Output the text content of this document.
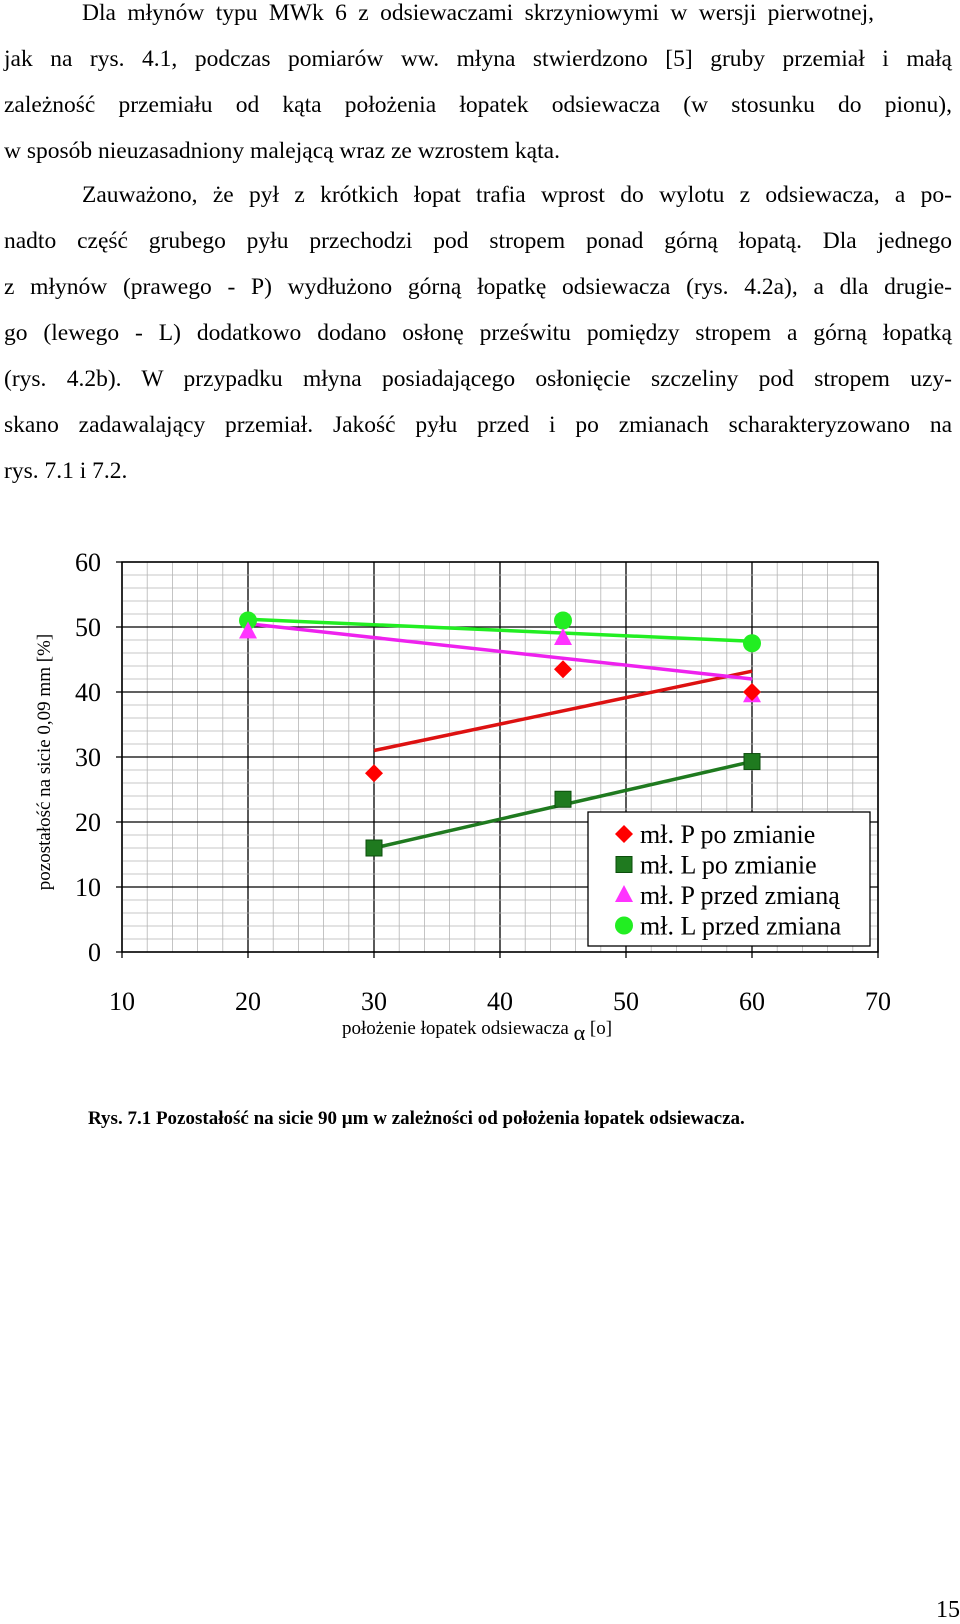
Dla młynów typu MWk 6 z odsiewaczami skrzyniowymi w wersji pierwotnej,
jak na rys. 4.1, podczas pomiarów ww. młyna stwierdzono [5] gruby przemiał i małą
zależność przemiału od kąta położenia łopatek odsiewacza (w stosunku do pionu),
w sposób nieuzasadniony malejącą wraz ze wzrostem kąta.
Zauważono, że pył z krótkich łopat trafia wprost do wylotu z odsiewacza, a po-
nadto część grubego pyłu przechodzi pod stropem ponad górną łopatą. Dla jednego
z młynów (prawego - P) wydłużono górną łopatkę odsiewacza (rys. 4.2a), a dla drugie-
go (lewego - L) dodatkowo dodano osłonę prześwitu pomiędzy stropem a górną łopatką
(rys. 4.2b). W przypadku młyna posiadającego osłonięcie szczeliny pod stropem uzy-
skano zadawalający przemiał. Jakość pyłu przed i po zmianach scharakteryzowano na
rys. 7.1 i 7.2.
10	20	30	40	50	60	70
0
10
20
30
40
50
60
mł. P po zmianie
mł. L po zmianie
mł. P przed zmianą
mł. L przed zmiana
pozostałość na sicie 0,09 mm [%]
położenie łopatek odsiewacza α [o]
Rys. 7.1 Pozostałość na sicie 90 µm w zależności od położenia łopatek odsiewacza.
15
